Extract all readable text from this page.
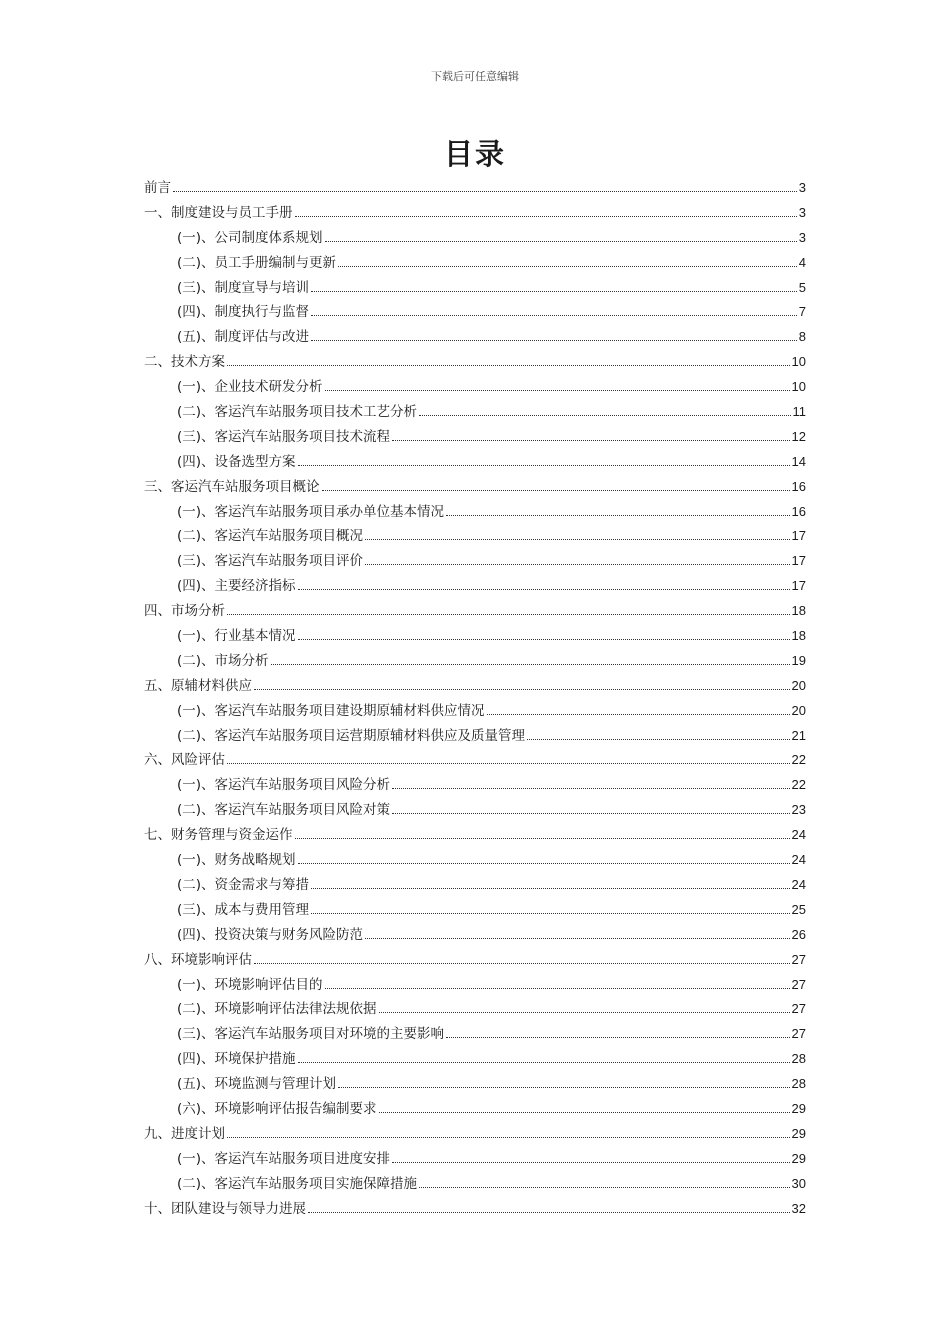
下载后可任意编辑
目录
前言	3
一、制度建设与员工手册	3
(一)、公司制度体系规划	3
(二)、员工手册编制与更新	4
(三)、制度宣导与培训	5
(四)、制度执行与监督	7
(五)、制度评估与改进	8
二、技术方案	10
(一)、企业技术研发分析	10
(二)、客运汽车站服务项目技术工艺分析	11
(三)、客运汽车站服务项目技术流程	12
(四)、设备选型方案	14
三、客运汽车站服务项目概论	16
(一)、客运汽车站服务项目承办单位基本情况	16
(二)、客运汽车站服务项目概况	17
(三)、客运汽车站服务项目评价	17
(四)、主要经济指标	17
四、市场分析	18
(一)、行业基本情况	18
(二)、市场分析	19
五、原辅材料供应	20
(一)、客运汽车站服务项目建设期原辅材料供应情况	20
(二)、客运汽车站服务项目运营期原辅材料供应及质量管理	21
六、风险评估	22
(一)、客运汽车站服务项目风险分析	22
(二)、客运汽车站服务项目风险对策	23
七、财务管理与资金运作	24
(一)、财务战略规划	24
(二)、资金需求与筹措	24
(三)、成本与费用管理	25
(四)、投资决策与财务风险防范	26
八、环境影响评估	27
(一)、环境影响评估目的	27
(二)、环境影响评估法律法规依据	27
(三)、客运汽车站服务项目对环境的主要影响	27
(四)、环境保护措施	28
(五)、环境监测与管理计划	28
(六)、环境影响评估报告编制要求	29
九、进度计划	29
(一)、客运汽车站服务项目进度安排	29
(二)、客运汽车站服务项目实施保障措施	30
十、团队建设与领导力进展	32
